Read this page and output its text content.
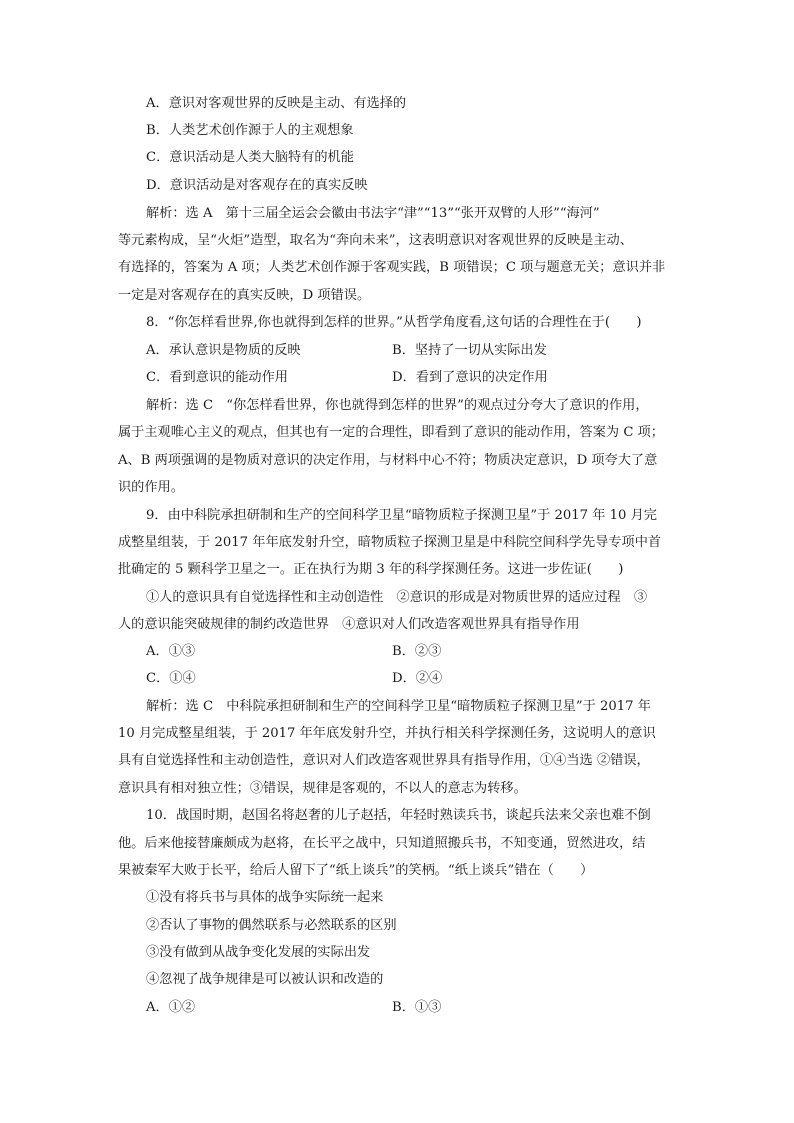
A．意识对客观世界的反映是主动、有选择的
B．人类艺术创作源于人的主观想象
C．意识活动是人类大脑特有的机能
D．意识活动是对客观存在的真实反映
解析：选 A　第十三届全运会会徽由书法字“津”“13”“张开双臂的人形”“海河”
等元素构成，呈“火炬”造型，取名为“奔向未来”，这表明意识对客观世界的反映是主动、
有选择的，答案为 A 项；人类艺术创作源于客观实践，B 项错误；C 项与题意无关；意识并非
一定是对客观存在的真实反映，D 项错误。
8．“你怎样看世界,你也就得到怎样的世界。”从哲学角度看,这句话的合理性在于(　　)
A．承认意识是物质的反映	B．坚持了一切从实际出发
C．看到意识的能动作用	D．看到了意识的决定作用
解析：选 C　“你怎样看世界，你也就得到怎样的世界”的观点过分夸大了意识的作用，
属于主观唯心主义的观点，但其也有一定的合理性，即看到了意识的能动作用，答案为 C 项；
A、B 两项强调的是物质对意识的决定作用，与材料中心不符；物质决定意识，D 项夸大了意
识的作用。
9．由中科院承担研制和生产的空间科学卫星“暗物质粒子探测卫星”于 2017 年 10 月完
成整星组装，于 2017 年年底发射升空，暗物质粒子探测卫星是中科院空间科学先导专项中首
批确定的 5 颗科学卫星之一。正在执行为期 3 年的科学探测任务。这进一步佐证(　　)
①人的意识具有自觉选择性和主动创造性　②意识的形成是对物质世界的适应过程　③
人的意识能突破规律的制约改造世界　④意识对人们改造客观世界具有指导作用
A．①③	B．②③
C．①④	D．②④
解析：选 C　中科院承担研制和生产的空间科学卫星“暗物质粒子探测卫星”于 2017 年
10 月完成整星组装，于 2017 年年底发射升空，并执行相关科学探测任务，这说明人的意识
具有自觉选择性和主动创造性，意识对人们改造客观世界具有指导作用，①④当选 ②错误，
意识具有相对独立性；③错误，规律是客观的，不以人的意志为转移。
10．战国时期，赵国名将赵奢的儿子赵括，年轻时熟读兵书，谈起兵法来父亲也难不倒
他。后来他接替廉颇成为赵将，在长平之战中，只知道照搬兵书，不知变通，贸然进攻，结
果被秦军大败于长平，给后人留下了“纸上谈兵”的笑柄。“纸上谈兵”错在（　　）
①没有将兵书与具体的战争实际统一起来
②否认了事物的偶然联系与必然联系的区别
③没有做到从战争变化发展的实际出发
④忽视了战争规律是可以被认识和改造的
A．①②	B．①③
